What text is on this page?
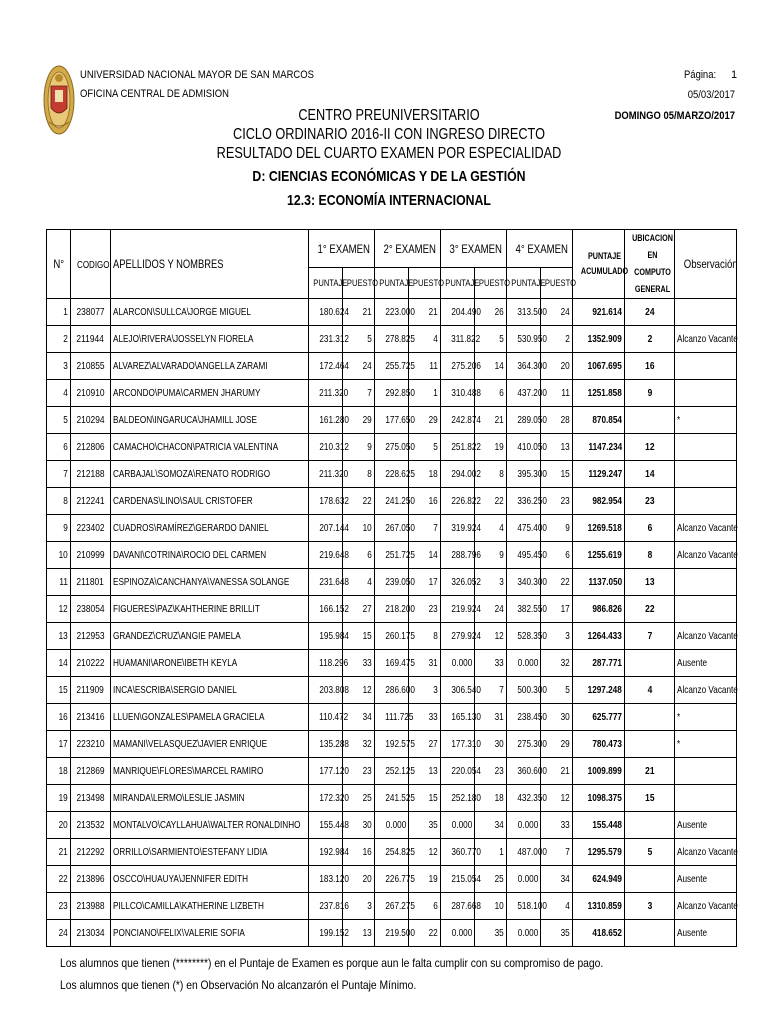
UNIVERSIDAD NACIONAL MAYOR DE SAN MARCOS
OFICINA CENTRAL DE ADMISION
Página: 1
05/03/2017
DOMINGO 05/MARZO/2017
CENTRO PREUNIVERSITARIO
CICLO ORDINARIO 2016-II CON INGRESO DIRECTO
RESULTADO DEL CUARTO EXAMEN POR ESPECIALIDAD
D: CIENCIAS ECONÓMICAS Y DE LA GESTIÓN
12.3: ECONOMÍA INTERNACIONAL
N°	CODIGO	APELLIDOS Y NOMBRES	1° EXAMEN		2° EXAMEN		3° EXAMEN		4° EXAMEN		PUNTAJE ACUMULADO	UBICACION EN COMPUTO GENERAL	Observación
			PUNTAJE	PUESTO	PUNTAJE	PUESTO	PUNTAJE	PUESTO	PUNTAJE	PUESTO			
1	238077	ALARCON\SULLCA\JORGE MIGUEL	180.624	21	223.000	21	204.490	26	313.500	24	921.614	24	
2	211944	ALEJO\RIVERA\JOSSELYN FIORELA	231.312	5	278.825	4	311.822	5	530.950	2	1352.909	2	Alcanzo Vacante
3	210855	ALVAREZ\ALVARADO\ANGELLA ZARAMI	172.464	24	255.725	11	275.206	14	364.300	20	1067.695	16	
4	210910	ARCONDO\PUMA\CARMEN JHARUMY	211.320	7	292.850	1	310.488	6	437.200	11	1251.858	9	
5	210294	BALDEON\INGARUCA\JHAMILL JOSE	161.280	29	177.650	29	242.874	21	289.050	28	870.854		*
6	212806	CAMACHO\CHACON\PATRICIA VALENTINA	210.312	9	275.050	5	251.822	19	410.050	13	1147.234	12	
7	212188	CARBAJAL\SOMOZA\RENATO RODRIGO	211.320	8	228.625	18	294.002	8	395.300	15	1129.247	14	
8	212241	CARDENAS\LINO\SAUL CRISTOFER	178.632	22	241.250	16	226.822	22	336.250	23	982.954	23	
9	223402	CUADROS\RAMÍREZ\GERARDO DANIEL	207.144	10	267.050	7	319.924	4	475.400	9	1269.518	6	Alcanzo Vacante
10	210999	DAVANI\COTRINA\ROCIO DEL CARMEN	219.648	6	251.725	14	288.796	9	495.450	6	1255.619	8	Alcanzo Vacante
11	211801	ESPINOZA\CANCHANYA\VANESSA SOLANGE	231.648	4	239.050	17	326.052	3	340.300	22	1137.050	13	
12	238054	FIGUERES\PAZ\KAHTHERINE BRILLIT	166.152	27	218.200	23	219.924	24	382.550	17	986.826	22	
13	212953	GRANDEZ\CRUZ\ANGIE PAMELA	195.984	15	260.175	8	279.924	12	528.350	3	1264.433	7	Alcanzo Vacante
14	210222	HUAMANI\ARONE\IBETH KEYLA	118.296	33	169.475	31	0.000	33	0.000	32	287.771		Ausente
15	211909	INCA\ESCRIBA\SERGIO DANIEL	203.808	12	286.600	3	306.540	7	500.300	5	1297.248	4	Alcanzo Vacante
16	213416	LLUEN\GONZALES\PAMELA GRACIELA	110.472	34	111.725	33	165.130	31	238.450	30	625.777		*
17	223210	MAMANI\VELASQUEZ\JAVIER ENRIQUE	135.288	32	192.575	27	177.310	30	275.300	29	780.473		*
18	212869	MANRIQUE\FLORES\MARCEL RAMIRO	177.120	23	252.125	13	220.054	23	360.600	21	1009.899	21	
19	213498	MIRANDA\LERMO\LESLIE JASMIN	172.320	25	241.525	15	252.180	18	432.350	12	1098.375	15	
20	213532	MONTALVO\CAYLLAHUA\WALTER RONALDINHO	155.448	30	0.000	35	0.000	34	0.000	33	155.448		Ausente
21	212292	ORRILLO\SARMIENTO\ESTEFANY LIDIA	192.984	16	254.825	12	360.770	1	487.000	7	1295.579	5	Alcanzo Vacante
22	213896	OSCCO\HUAUYA\JENNIFER EDITH	183.120	20	226.775	19	215.054	25	0.000	34	624.949		Ausente
23	213988	PILLCO\CAMILLA\KATHERINE LIZBETH	237.816	3	267.275	6	287.668	10	518.100	4	1310.859	3	Alcanzo Vacante
24	213034	PONCIANO\FELIX\VALERIE SOFIA	199.152	13	219.500	22	0.000	35	0.000	35	418.652		Ausente
Los alumnos que tienen (********) en el Puntaje de Examen es porque aun le falta cumplir con su compromiso de pago.
Los alumnos que tienen (*) en Observación No alcanzarón el Puntaje Mínimo.
